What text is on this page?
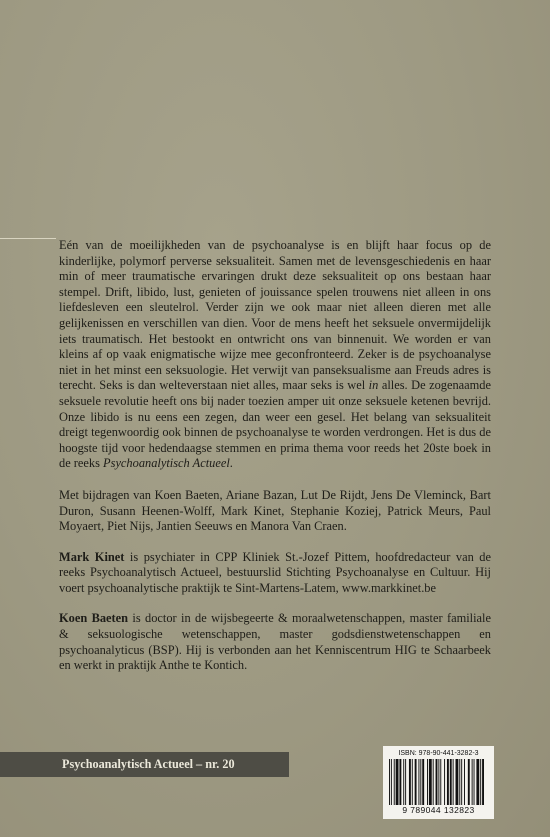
Eén van de moeilijkheden van de psychoanalyse is en blijft haar focus op de kinderlijke, polymorf perverse seksualiteit. Samen met de levensgeschiedenis en haar min of meer traumatische ervaringen drukt deze seksualiteit op ons bestaan haar stempel. Drift, libido, lust, genieten of jouissance spelen trouwens niet alleen in ons liefdesleven een sleutelrol. Verder zijn we ook maar niet alleen dieren met alle gelijkenissen en verschillen van dien. Voor de mens heeft het seksuele onvermijdelijk iets traumatisch. Het bestookt en ontwricht ons van binnenuit. We worden er van kleins af op vaak enigmatische wijze mee geconfronteerd. Zeker is de psychoanalyse niet in het minst een seksuologie. Het verwijt van panseksualisme aan Freuds adres is terecht. Seks is dan welteverstaan niet alles, maar seks is wel in alles. De zogenaamde seksuele revolutie heeft ons bij nader toezien amper uit onze seksuele ketenen bevrijd. Onze libido is nu eens een zegen, dan weer een gesel. Het belang van seksualiteit dreigt tegenwoordig ook binnen de psychoanalyse te worden verdrongen. Het is dus de hoogste tijd voor hedendaagse stemmen en prima thema voor reeds het 20ste boek in de reeks Psychoanalytisch Actueel.

Met bijdragen van Koen Baeten, Ariane Bazan, Lut De Rijdt, Jens De Vleminck, Bart Duron, Susann Heenen-Wolff, Mark Kinet, Stephanie Koziej, Patrick Meurs, Paul Moyaert, Piet Nijs, Jantien Seeuws en Manora Van Craen.

Mark Kinet is psychiater in CPP Kliniek St.-Jozef Pittem, hoofdredacteur van de reeks Psychoanalytisch Actueel, bestuurslid Stichting Psychoanalyse en Cultuur. Hij voert psychoanalytische praktijk te Sint-Martens-Latem, www.markkinet.be

Koen Baeten is doctor in de wijsbegeerte & moraalwetenschappen, master familiale & seksuologische wetenschappen, master godsdienstwetenschappen en psychoanalyticus (BSP). Hij is verbonden aan het Kenniscentrum HIG te Schaarbeek en werkt in praktijk Anthe te Kontich.

Psychoanalytisch Actueel – nr. 20
ISBN: 978-90-441-3282-3
9 789044 132823
